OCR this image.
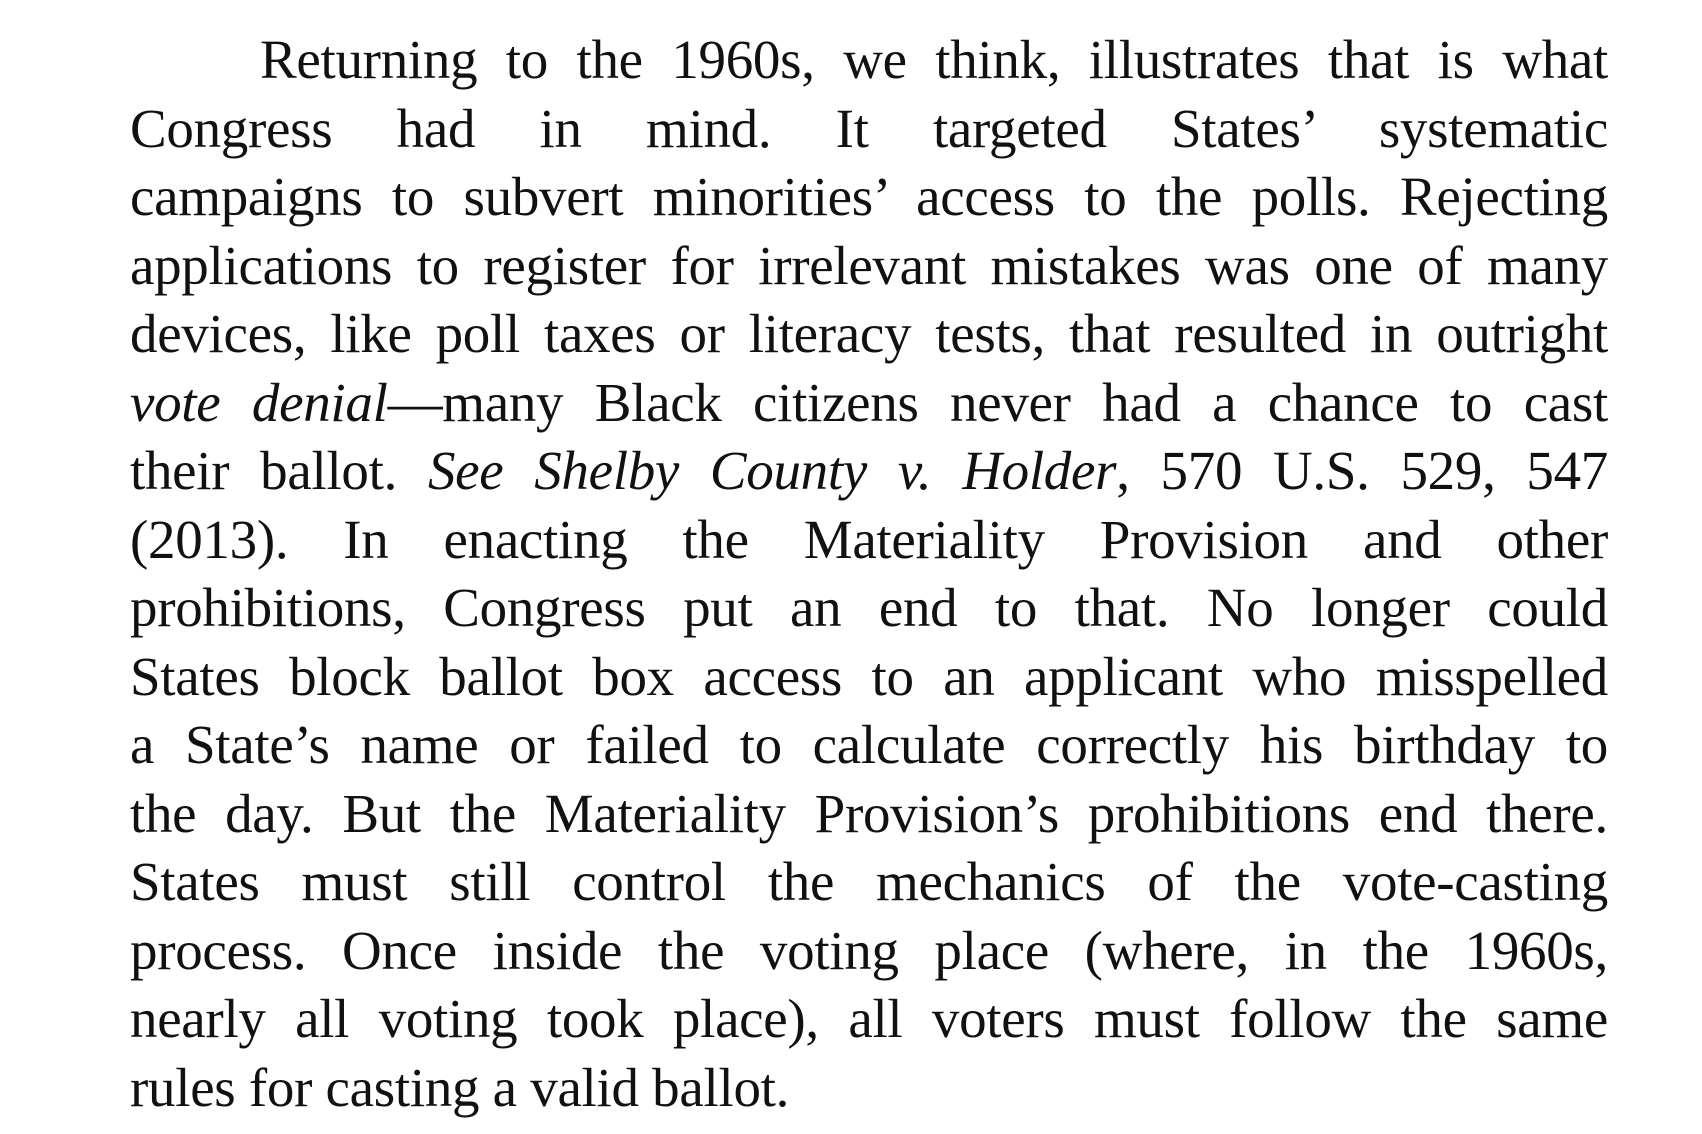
Returning to the 1960s, we think, illustrates that is what
Congress had in mind. It targeted States’ systematic
campaigns to subvert minorities’ access to the polls. Rejecting
applications to register for irrelevant mistakes was one of many
devices, like poll taxes or literacy tests, that resulted in outright
vote denial—many Black citizens never had a chance to cast
their ballot. See Shelby County v. Holder, 570 U.S. 529, 547
(2013). In enacting the Materiality Provision and other
prohibitions, Congress put an end to that. No longer could
States block ballot box access to an applicant who misspelled
a State’s name or failed to calculate correctly his birthday to
the day. But the Materiality Provision’s prohibitions end there.
States must still control the mechanics of the vote-casting
process. Once inside the voting place (where, in the 1960s,
nearly all voting took place), all voters must follow the same
rules for casting a valid ballot.
